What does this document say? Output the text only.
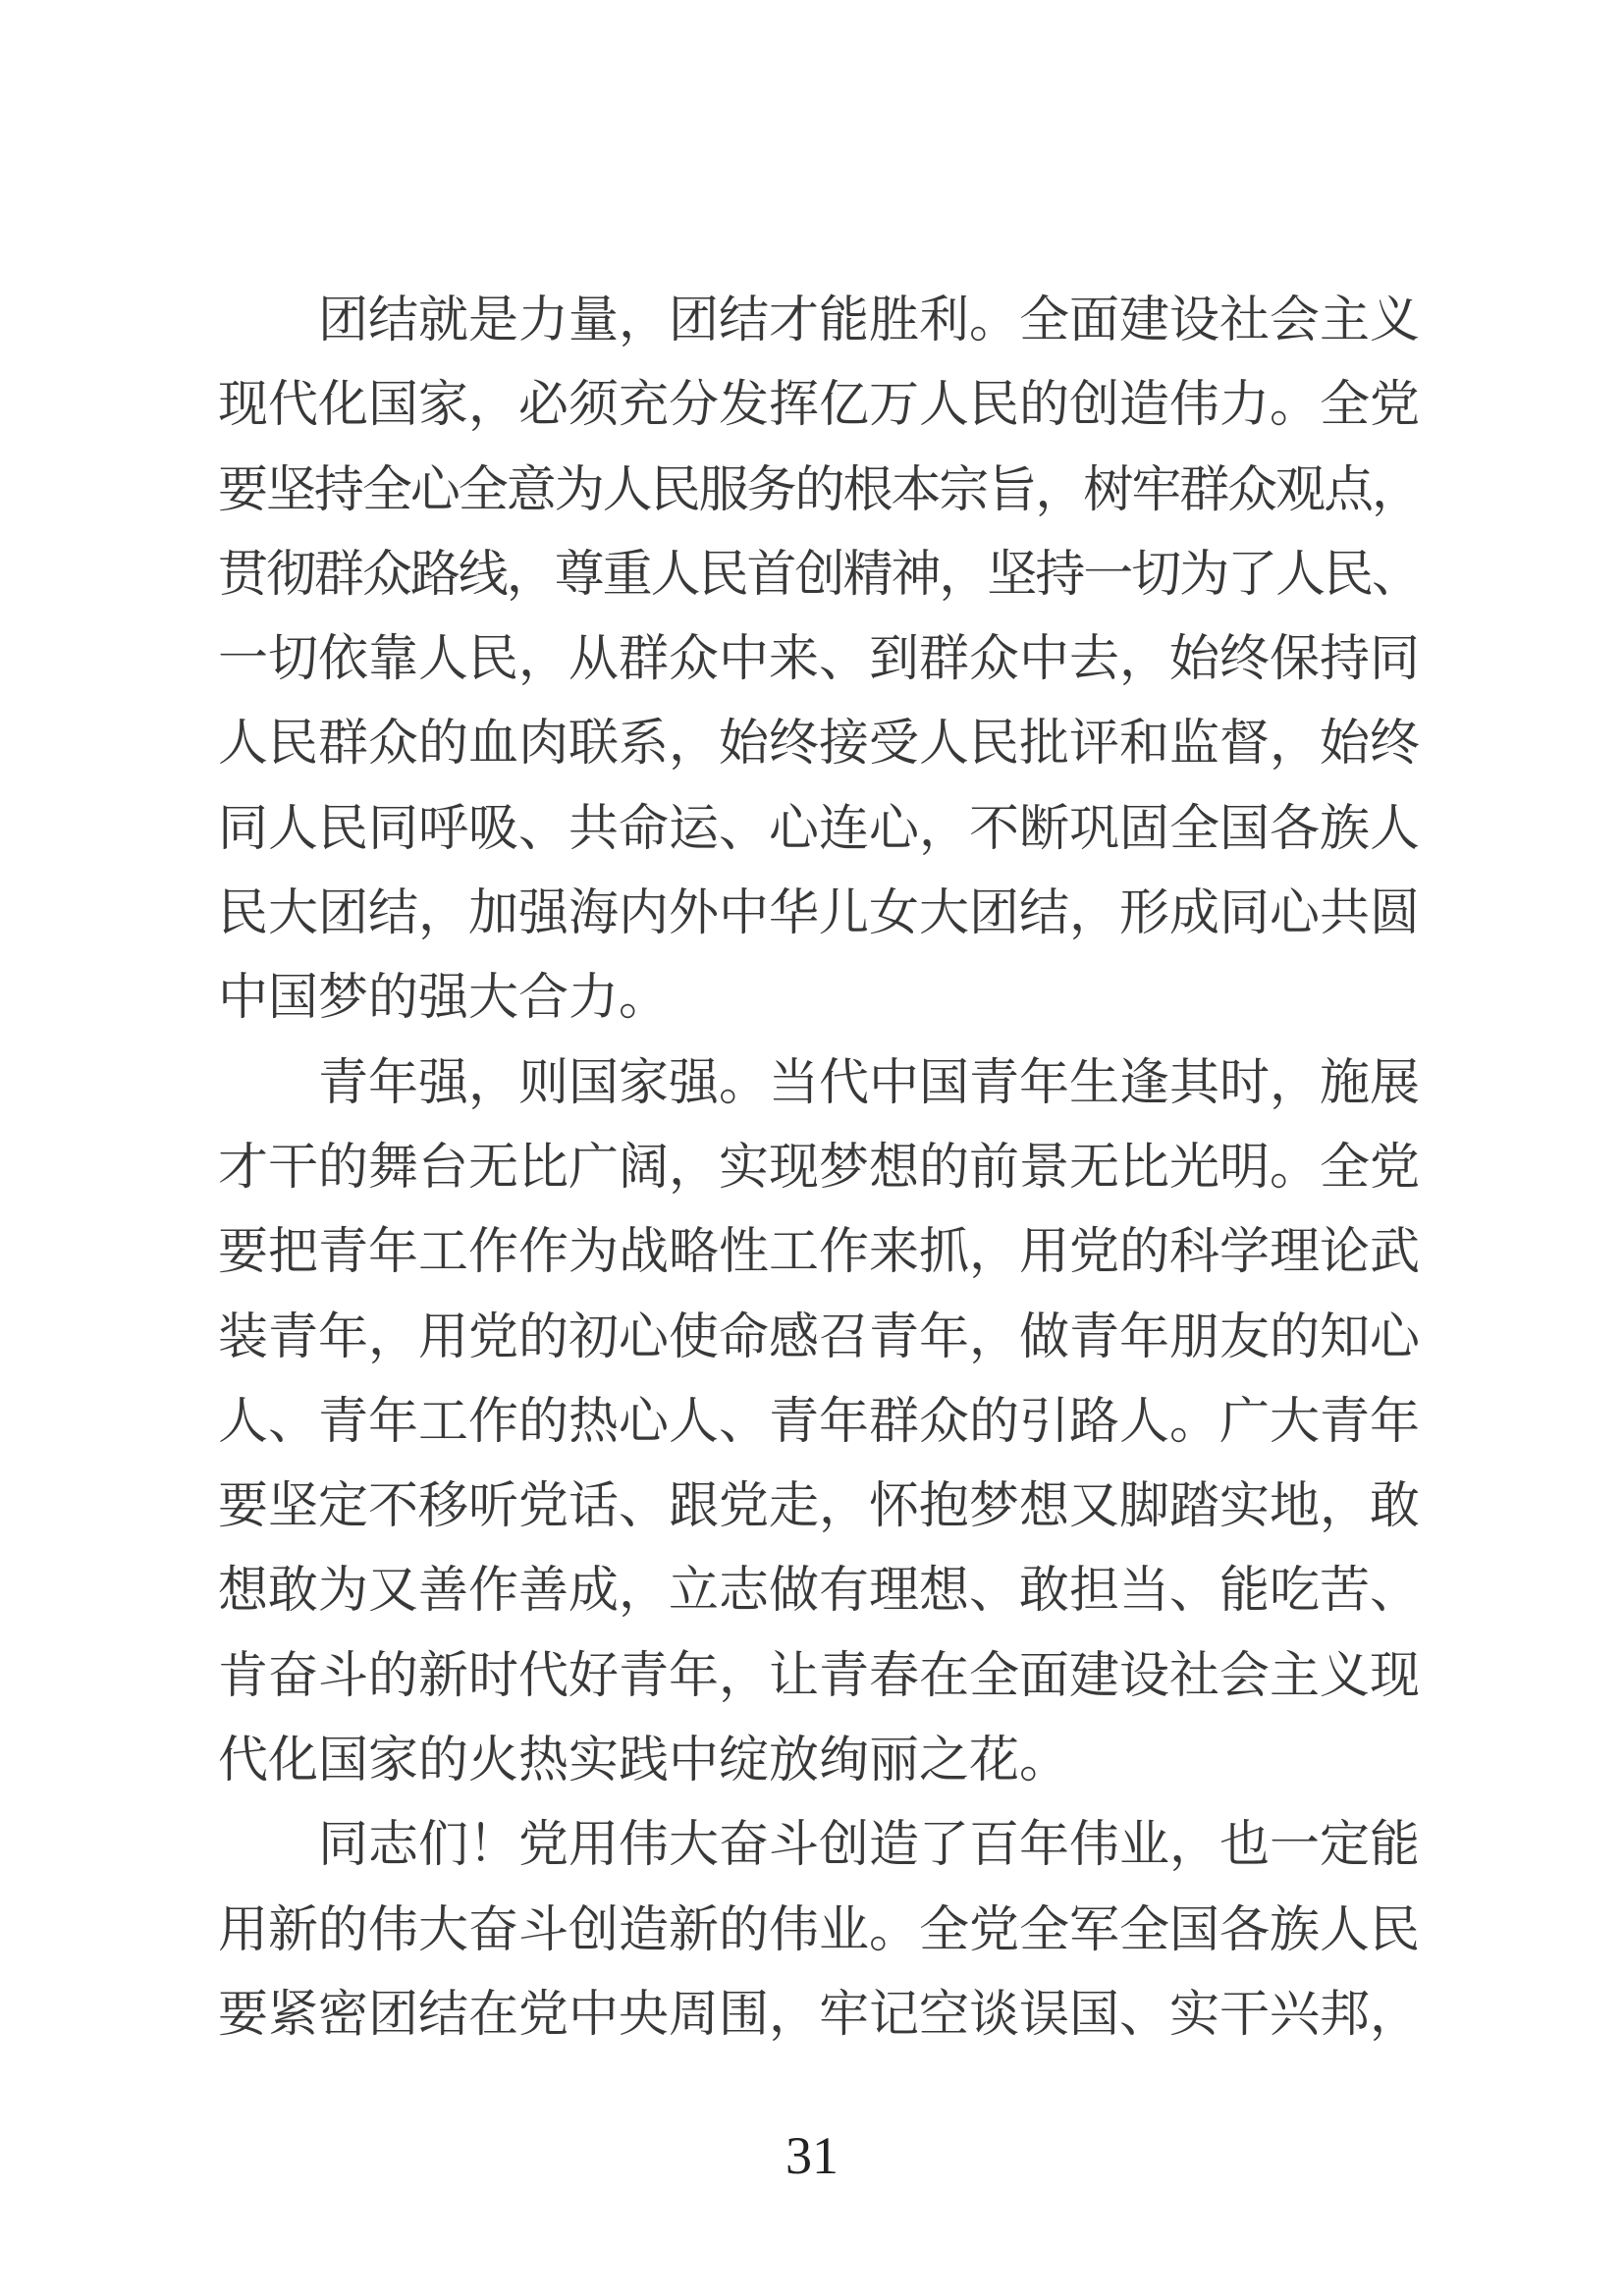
团结就是力量，团结才能胜利。全面建设社会主义
现代化国家，必须充分发挥亿万人民的创造伟力。全党
要坚持全心全意为人民服务的根本宗旨，树牢群众观点，
贯彻群众路线，尊重人民首创精神，坚持一切为了人民、
一切依靠人民，从群众中来、到群众中去，始终保持同
人民群众的血肉联系，始终接受人民批评和监督，始终
同人民同呼吸、共命运、心连心，不断巩固全国各族人
民大团结，加强海内外中华儿女大团结，形成同心共圆
中国梦的强大合力。
青年强，则国家强。当代中国青年生逢其时，施展
才干的舞台无比广阔，实现梦想的前景无比光明。全党
要把青年工作作为战略性工作来抓，用党的科学理论武
装青年，用党的初心使命感召青年，做青年朋友的知心
人、青年工作的热心人、青年群众的引路人。广大青年
要坚定不移听党话、跟党走，怀抱梦想又脚踏实地，敢
想敢为又善作善成，立志做有理想、敢担当、能吃苦、
肯奋斗的新时代好青年，让青春在全面建设社会主义现
代化国家的火热实践中绽放绚丽之花。
同志们！党用伟大奋斗创造了百年伟业，也一定能
用新的伟大奋斗创造新的伟业。全党全军全国各族人民
要紧密团结在党中央周围，牢记空谈误国、实干兴邦，
31
